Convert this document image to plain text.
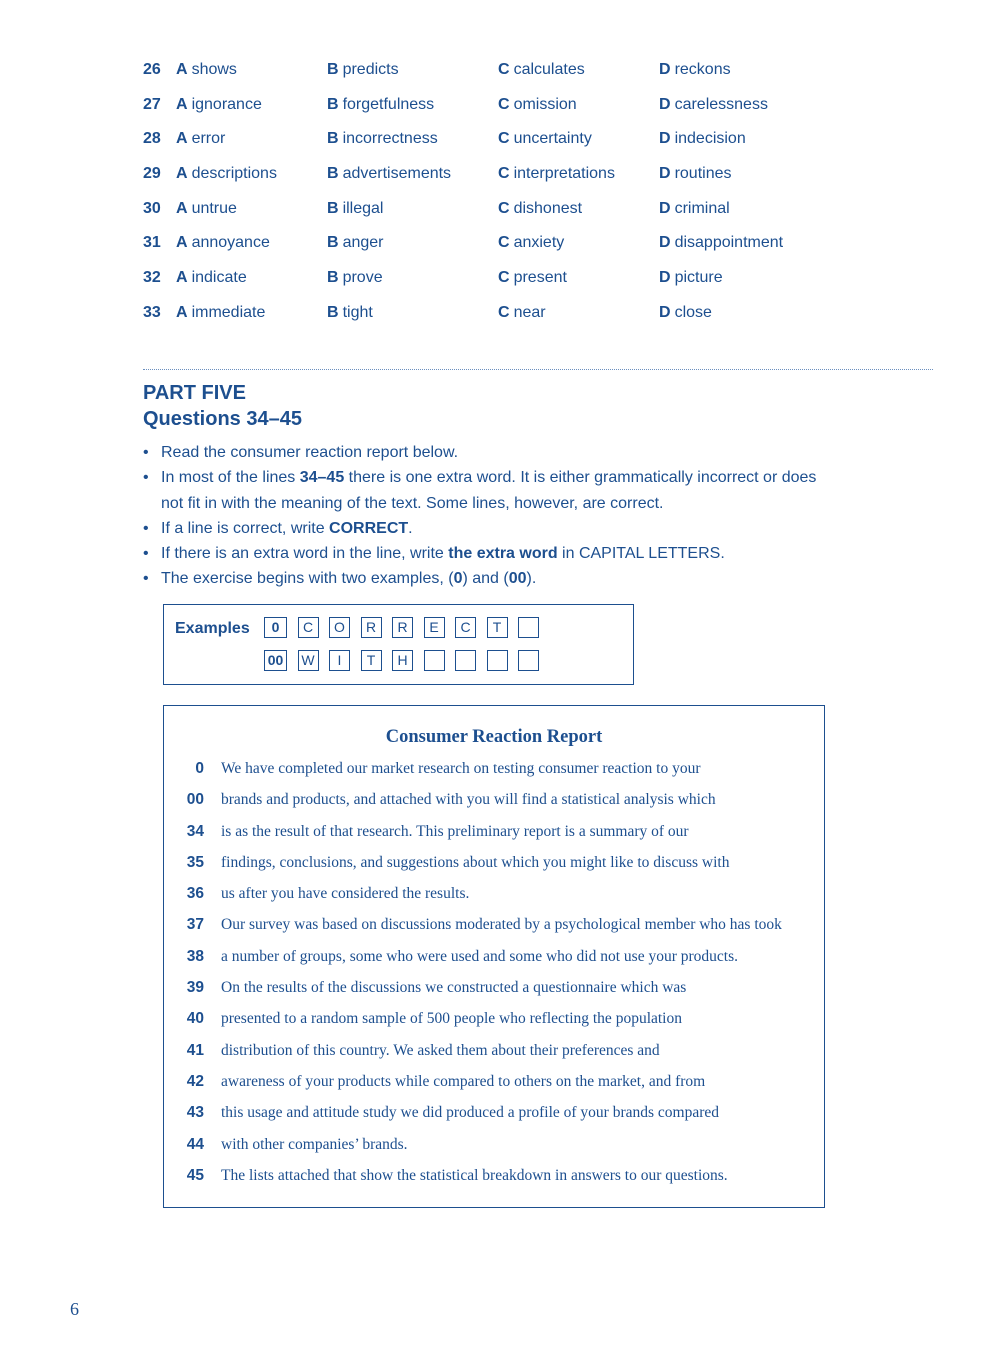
26 A shows	B predicts	C calculates	D reckons
27 A ignorance	B forgetfulness	C omission	D carelessness
28 A error	B incorrectness	C uncertainty	D indecision
29 A descriptions	B advertisements	C interpretations	D routines
30 A untrue	B illegal	C dishonest	D criminal
31 A annoyance	B anger	C anxiety	D disappointment
32 A indicate	B prove	C present	D picture
33 A immediate	B tight	C near	D close
PART FIVE
Questions 34–45
• Read the consumer reaction report below.
• In most of the lines 34–45 there is one extra word. It is either grammatically incorrect or does not fit in with the meaning of the text. Some lines, however, are correct.
• If a line is correct, write CORRECT.
• If there is an extra word in the line, write the extra word in CAPITAL LETTERS.
• The exercise begins with two examples, (0) and (00).
Examples	0	C	O	R	R	E	C	T
00 W	I	T	H
Consumer Reaction Report
0 We have completed our market research on testing consumer reaction to your
00 brands and products, and attached with you will find a statistical analysis which
34 is as the result of that research. This preliminary report is a summary of our
35 findings, conclusions, and suggestions about which you might like to discuss with
36 us after you have considered the results.
37 Our survey was based on discussions moderated by a psychological member who has took
38 a number of groups, some who were used and some who did not use your products.
39 On the results of the discussions we constructed a questionnaire which was
40 presented to a random sample of 500 people who reflecting the population
41 distribution of this country. We asked them about their preferences and
42 awareness of your products while compared to others on the market, and from
43 this usage and attitude study we did produced a profile of your brands compared
44 with other companies’ brands.
45 The lists attached that show the statistical breakdown in answers to our questions.
6
